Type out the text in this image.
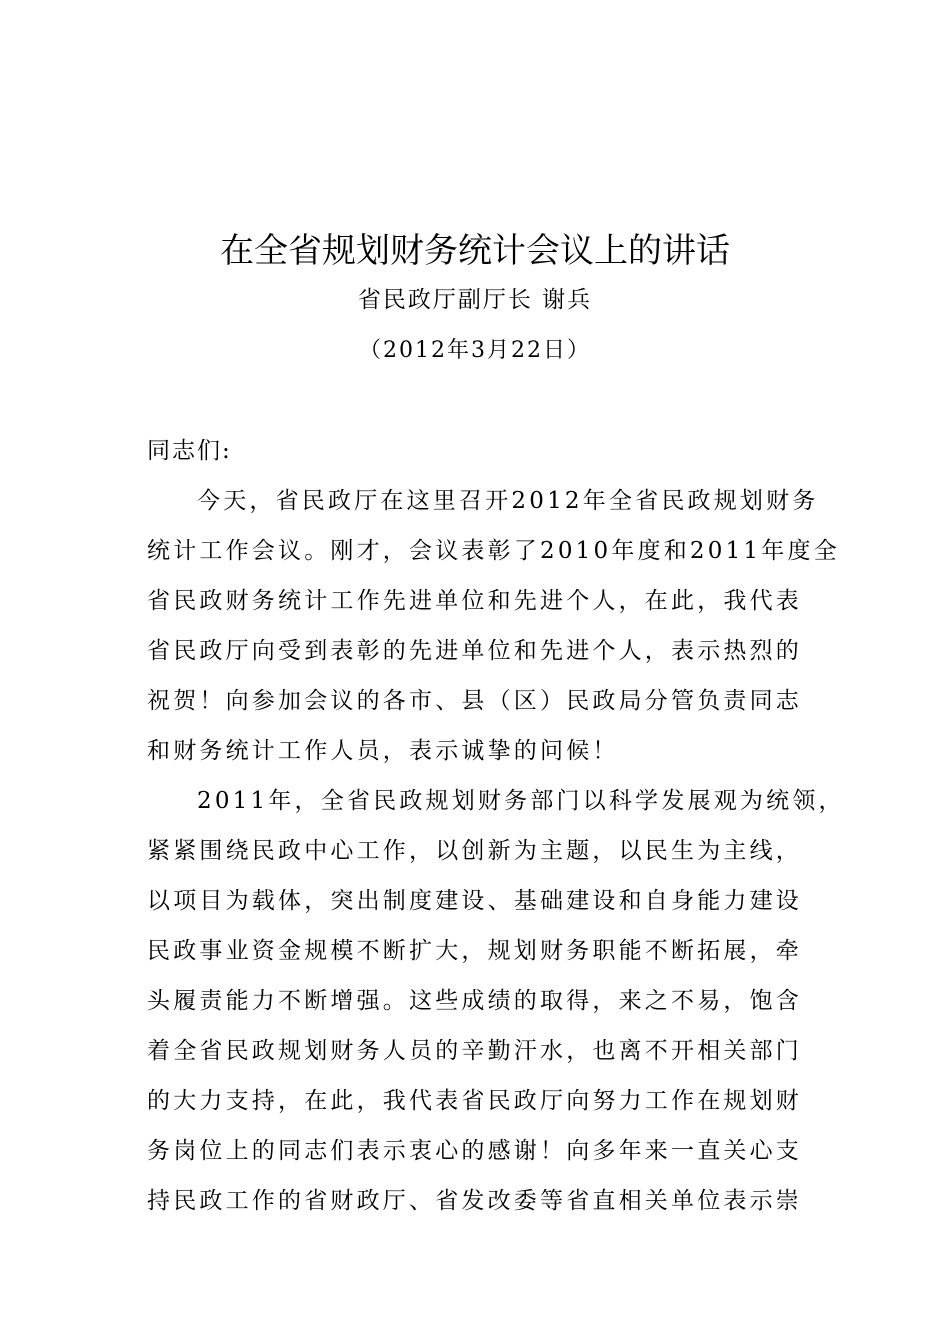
在全省规划财务统计会议上的讲话
省民政厅副厅长 谢兵
（2012年3月22日）
同志们:
今天，省民政厅在这里召开2012年全省民政规划财务
统计工作会议。刚才，会议表彰了2010年度和2011年度全
省民政财务统计工作先进单位和先进个人，在此，我代表
省民政厅向受到表彰的先进单位和先进个人，表示热烈的
祝贺！向参加会议的各市、县（区）民政局分管负责同志
和财务统计工作人员，表示诚挚的问候！
2011年，全省民政规划财务部门以科学发展观为统领，
紧紧围绕民政中心工作，以创新为主题，以民生为主线，
以项目为载体，突出制度建设、基础建设和自身能力建设
民政事业资金规模不断扩大，规划财务职能不断拓展，牵
头履责能力不断增强。这些成绩的取得，来之不易，饱含
着全省民政规划财务人员的辛勤汗水，也离不开相关部门
的大力支持，在此，我代表省民政厅向努力工作在规划财
务岗位上的同志们表示衷心的感谢！向多年来一直关心支
持民政工作的省财政厅、省发改委等省直相关单位表示崇
